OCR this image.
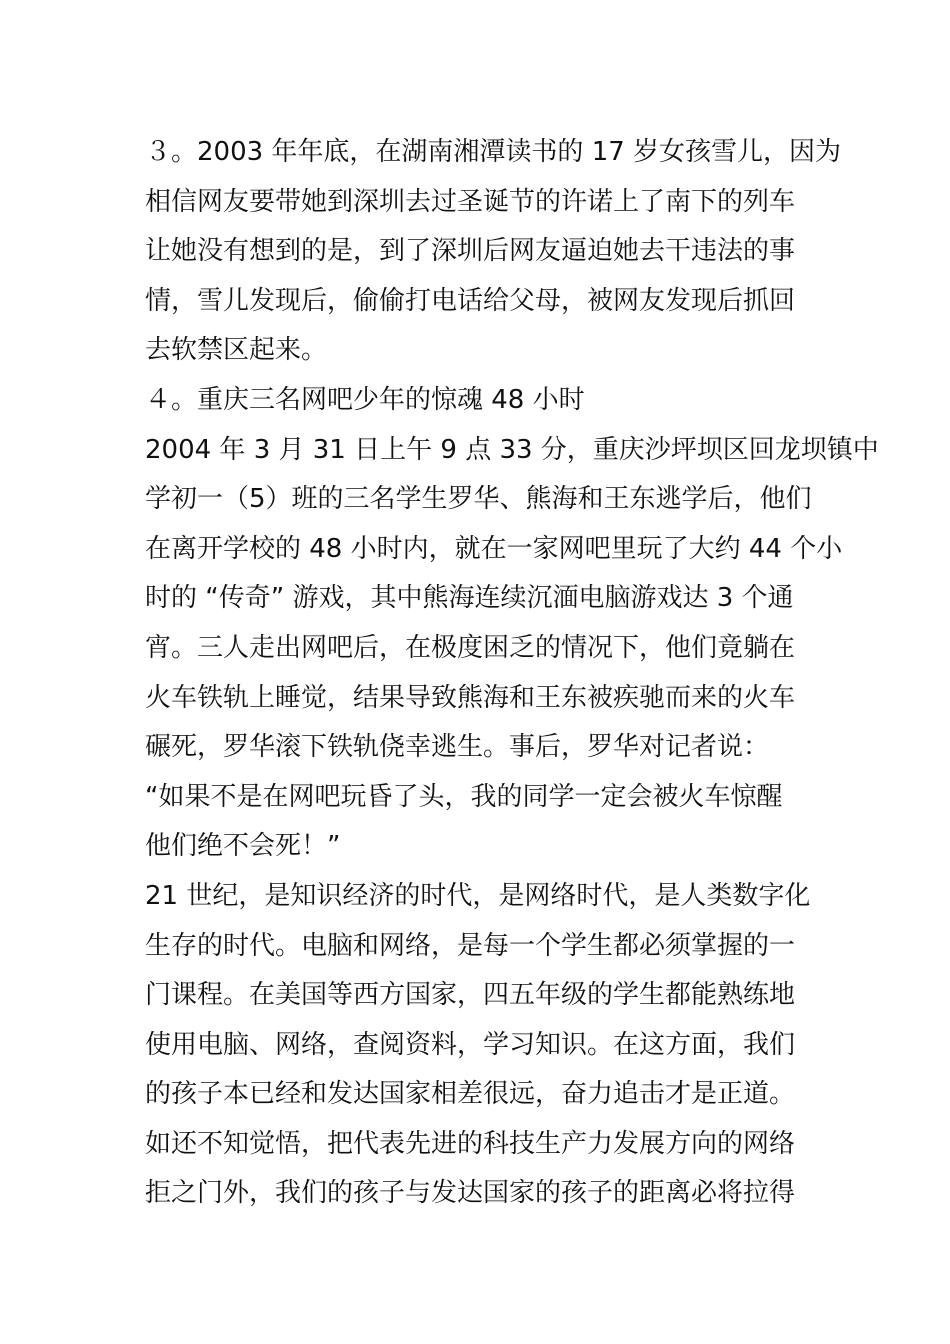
３。2003 年年底，在湖南湘潭读书的 17 岁女孩雪儿，因为
相信网友要带她到深圳去过圣诞节的许诺上了南下的列车
让她没有想到的是，到了深圳后网友逼迫她去干违法的事
情，雪儿发现后，偷偷打电话给父母，被网友发现后抓回
去软禁区起来。
４。重庆三名网吧少年的惊魂 48 小时
2004 年 3 月 31 日上午 9 点 33 分，重庆沙坪坝区回龙坝镇中
学初一（5）班的三名学生罗华、熊海和王东逃学后，他们
在离开学校的 48 小时内，就在一家网吧里玩了大约 44 个小
时的 “传奇” 游戏，其中熊海连续沉湎电脑游戏达 3 个通
宵。三人走出网吧后，在极度困乏的情况下，他们竟躺在
火车铁轨上睡觉，结果导致熊海和王东被疾驰而来的火车
碾死，罗华滚下铁轨侥幸逃生。事后，罗华对记者说：
“如果不是在网吧玩昏了头，我的同学一定会被火车惊醒
他们绝不会死！”
21 世纪，是知识经济的时代，是网络时代，是人类数字化
生存的时代。电脑和网络，是每一个学生都必须掌握的一
门课程。在美国等西方国家，四五年级的学生都能熟练地
使用电脑、网络，查阅资料，学习知识。在这方面，我们
的孩子本已经和发达国家相差很远，奋力追击才是正道。
如还不知觉悟，把代表先进的科技生产力发展方向的网络
拒之门外，我们的孩子与发达国家的孩子的距离必将拉得
